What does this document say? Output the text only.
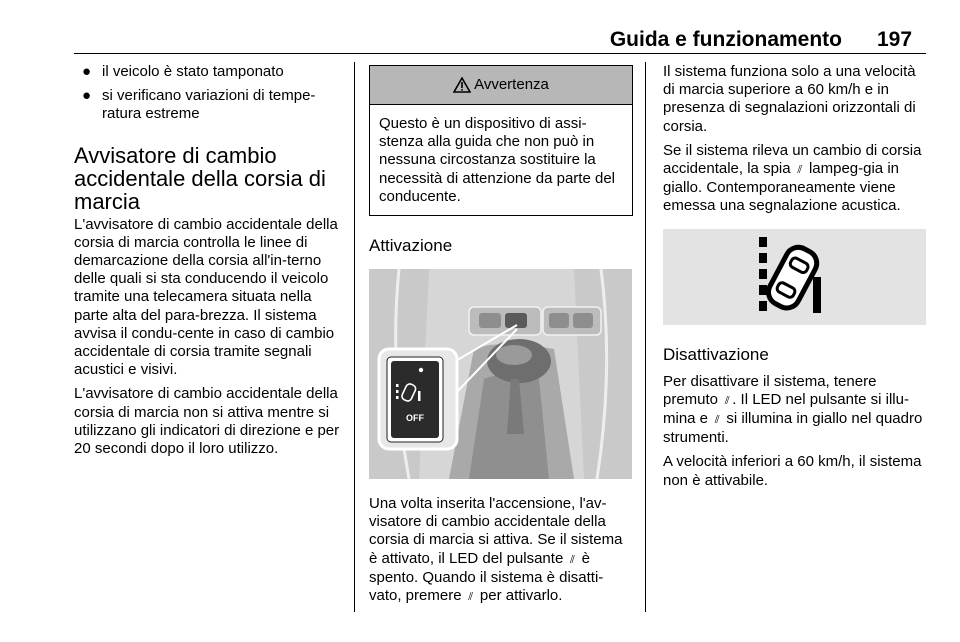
Guida e funzionamento 197
● il veicolo è stato tamponato
● si verificano variazioni di tempe-ratura estreme
Avvisatore di cambio accidentale della corsia di marcia

L'avvisatore di cambio accidentale della corsia di marcia controlla le linee di demarcazione della corsia all'in-terno delle quali si sta conducendo il veicolo tramite una telecamera situata nella parte alta del para-brezza. Il sistema avvisa il condu-cente in caso di cambio accidentale di corsia tramite segnali acustici e visivi.

L'avvisatore di cambio accidentale della corsia di marcia non si attiva mentre si utilizzano gli indicatori di direzione e per 20 secondi dopo il loro utilizzo.

Avvertenza
Questo è un dispositivo di assi-stenza alla guida che non può in nessuna circostanza sostituire la necessità di attenzione da parte del conducente.
Attivazione
OFF

Una volta inserita l'accensione, l'av-visatore di cambio accidentale della corsia di marcia si attiva. Se il sistema è attivato, il LED del pulsante ⫽ è spento. Quando il sistema è disatti-vato, premere ⫽ per attivarlo.

Il sistema funziona solo a una velocità di marcia superiore a 60 km/h e in presenza di segnalazioni orizzontali di corsia.

Se il sistema rileva un cambio di corsia accidentale, la spia ⫽ lampeg-gia in giallo. Contemporaneamente viene emessa una segnalazione acustica.

Disattivazione

Per disattivare il sistema, tenere premuto ⫽ . Il LED nel pulsante si illu-mina e ⫽ si illumina in giallo nel quadro strumenti.

A velocità inferiori a 60 km/h, il sistema non è attivabile.
